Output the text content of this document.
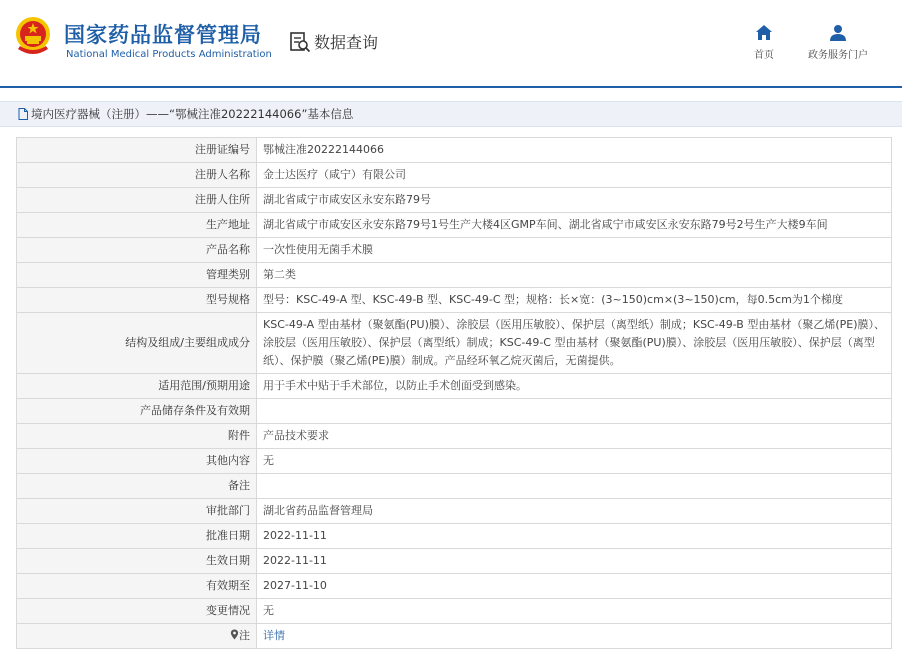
国家药品监督管理局
National Medical Products Administration
数据查询
首页	政务服务门户
境内医疗器械（注册）——“鄂械注准20222144066”基本信息
注册证编号	鄂械注准20222144066
注册人名称	金士达医疗（咸宁）有限公司
注册人住所	湖北省咸宁市咸安区永安东路79号
生产地址	湖北省咸宁市咸安区永安东路79号1号生产大楼4区GMP车间、湖北省咸宁市咸安区永安东路79号2号生产大楼9车间
产品名称	一次性使用无菌手术膜
管理类别	第二类
型号规格	型号：KSC-49-A 型、KSC-49-B 型、KSC-49-C 型；规格：长×宽：(3~150)cm×(3~150)cm，每0.5cm为1个梯度
结构及组成/主要组成成分	KSC-49-A 型由基材（聚氨酯(PU)膜）、涂胶层（医用压敏胶）、保护层（离型纸）制成；KSC-49-B 型由基材（聚乙烯(PE)膜）、涂胶层（医用压敏胶）、保护层（离型纸）制成；KSC-49-C 型由基材（聚氨酯(PU)膜）、涂胶层（医用压敏胶）、保护层（离型纸）、保护膜（聚乙烯(PE)膜）制成。产品经环氧乙烷灭菌后，无菌提供。
适用范围/预期用途	用于手术中贴于手术部位，以防止手术创面受到感染。
产品储存条件及有效期	
附件	产品技术要求
其他内容	无
备注	
审批部门	湖北省药品监督管理局
批准日期	2022-11-11
生效日期	2022-11-11
有效期至	2027-11-10
变更情况	无
注	详情
